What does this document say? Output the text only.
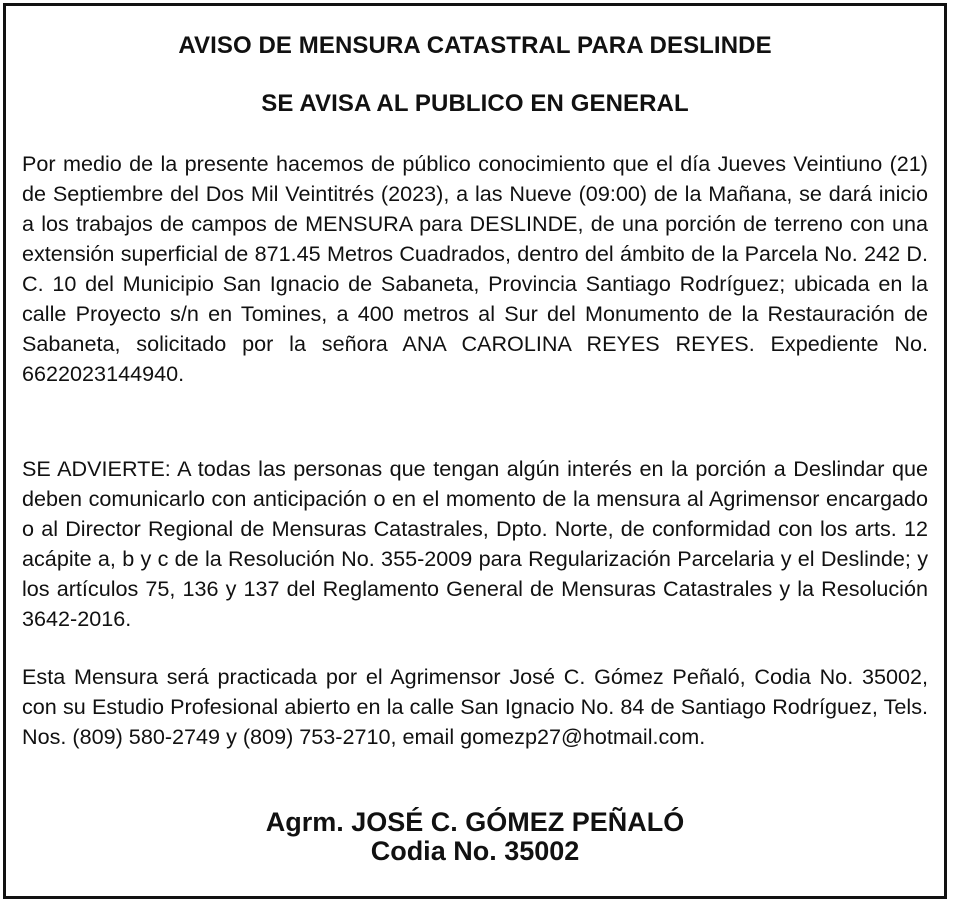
AVISO DE MENSURA CATASTRAL PARA DESLINDE
SE AVISA AL PUBLICO EN GENERAL

Por medio de la presente hacemos de público conocimiento que el día Jueves Veintiuno (21) de Septiembre del Dos Mil Veintitrés (2023), a las Nueve (09:00) de la Mañana, se dará inicio a los trabajos de campos de MENSURA para DESLINDE, de una porción de terreno con una extensión superficial de 871.45 Metros Cuadrados, dentro del ámbito de la Parcela No. 242 D. C. 10 del Municipio San Ignacio de Sabaneta, Provincia Santiago Rodríguez; ubicada en la calle Proyecto s/n en Tomines, a 400 metros al Sur del Monumento de la Restauración de Sabaneta, solicitado por la señora ANA CAROLINA REYES REYES. Expediente No. 6622023144940.

SE ADVIERTE: A todas las personas que tengan algún interés en la porción a Deslindar que deben comunicarlo con anticipación o en el momento de la mensura al Agrimensor encargado o al Director Regional de Mensuras Catastrales, Dpto. Norte, de conformidad con los arts. 12 acápite a, b y c de la Resolución No. 355-2009 para Regularización Parcelaria y el Deslinde; y los artículos 75, 136 y 137 del Reglamento General de Mensuras Catastrales y la Resolución 3642-2016.

Esta Mensura será practicada por el Agrimensor José C. Gómez Peñaló, Codia No. 35002, con su Estudio Profesional abierto en la calle San Ignacio No. 84 de Santiago Rodríguez, Tels. Nos. (809) 580-2749 y (809) 753-2710, email gomezp27@hotmail.com.

Agrm. JOSÉ C. GÓMEZ PEÑALÓ
Codia No. 35002
